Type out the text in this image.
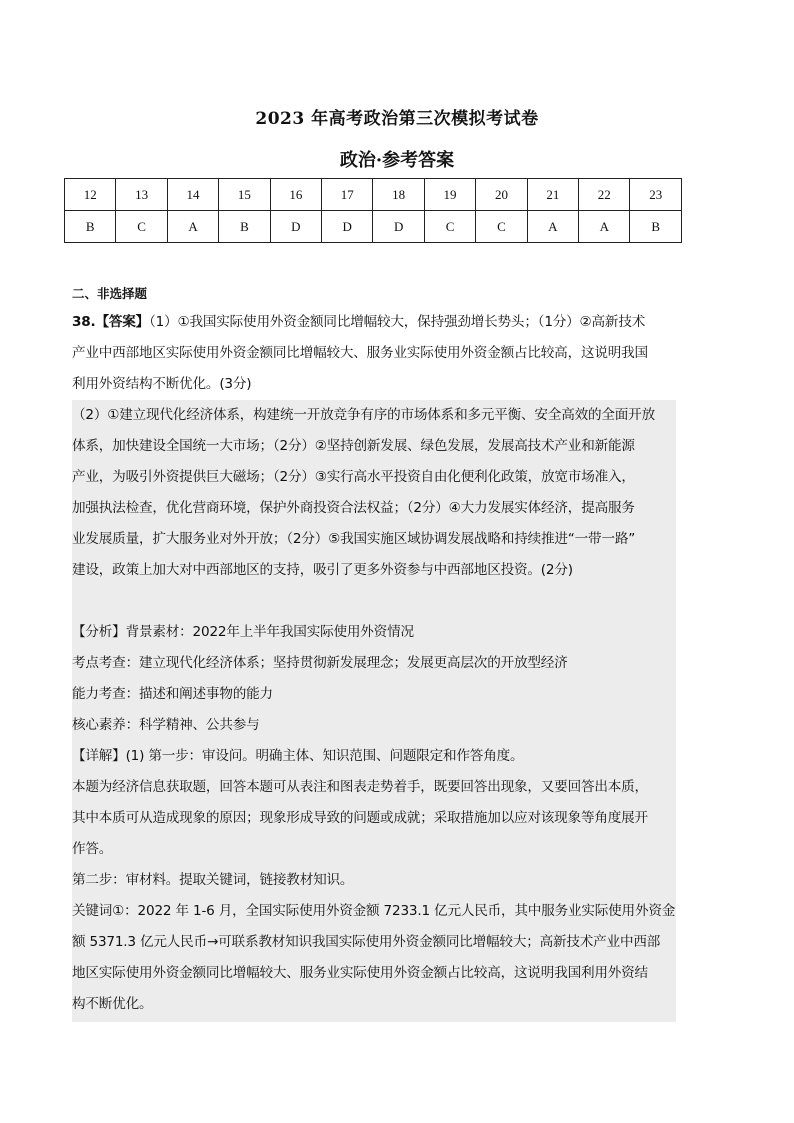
2023 年高考政治第三次模拟考试卷
政治·参考答案
12	13	14	15	16	17	18	19	20	21	22	23
B	C	A	B	D	D	D	C	C	A	A	B
二、非选择题
38.【答案】（1）①我国实际使用外资金额同比增幅较大，保持强劲增长势头；（1分）②高新技术
产业中西部地区实际使用外资金额同比增幅较大、服务业实际使用外资金额占比较高，这说明我国
利用外资结构不断优化。(3分)
（2）①建立现代化经济体系，构建统一开放竞争有序的市场体系和多元平衡、安全高效的全面开放
体系，加快建设全国统一大市场；（2分）②坚持创新发展、绿色发展，发展高技术产业和新能源
产业，为吸引外资提供巨大磁场；（2分）③实行高水平投资自由化便利化政策，放宽市场准入，
加强执法检查，优化营商环境，保护外商投资合法权益；（2分）④大力发展实体经济，提高服务
业发展质量，扩大服务业对外开放；（2分）⑤我国实施区域协调发展战略和持续推进“一带一路”
建设，政策上加大对中西部地区的支持，吸引了更多外资参与中西部地区投资。(2分)
【分析】背景素材：2022年上半年我国实际使用外资情况
考点考查：建立现代化经济体系；坚持贯彻新发展理念；发展更高层次的开放型经济
能力考查：描述和阐述事物的能力
核心素养：科学精神、公共参与
【详解】(1) 第一步：审设问。明确主体、知识范围、问题限定和作答角度。
本题为经济信息获取题，回答本题可从表注和图表走势着手，既要回答出现象，又要回答出本质，
其中本质可从造成现象的原因；现象形成导致的问题或成就；采取措施加以应对该现象等角度展开
作答。
第二步：审材料。提取关键词，链接教材知识。
关键词①：2022 年 1-6 月，全国实际使用外资金额 7233.1 亿元人民币，其中服务业实际使用外资金
额 5371.3 亿元人民币→可联系教材知识我国实际使用外资金额同比增幅较大；高新技术产业中西部
地区实际使用外资金额同比增幅较大、服务业实际使用外资金额占比较高，这说明我国利用外资结
构不断优化。
